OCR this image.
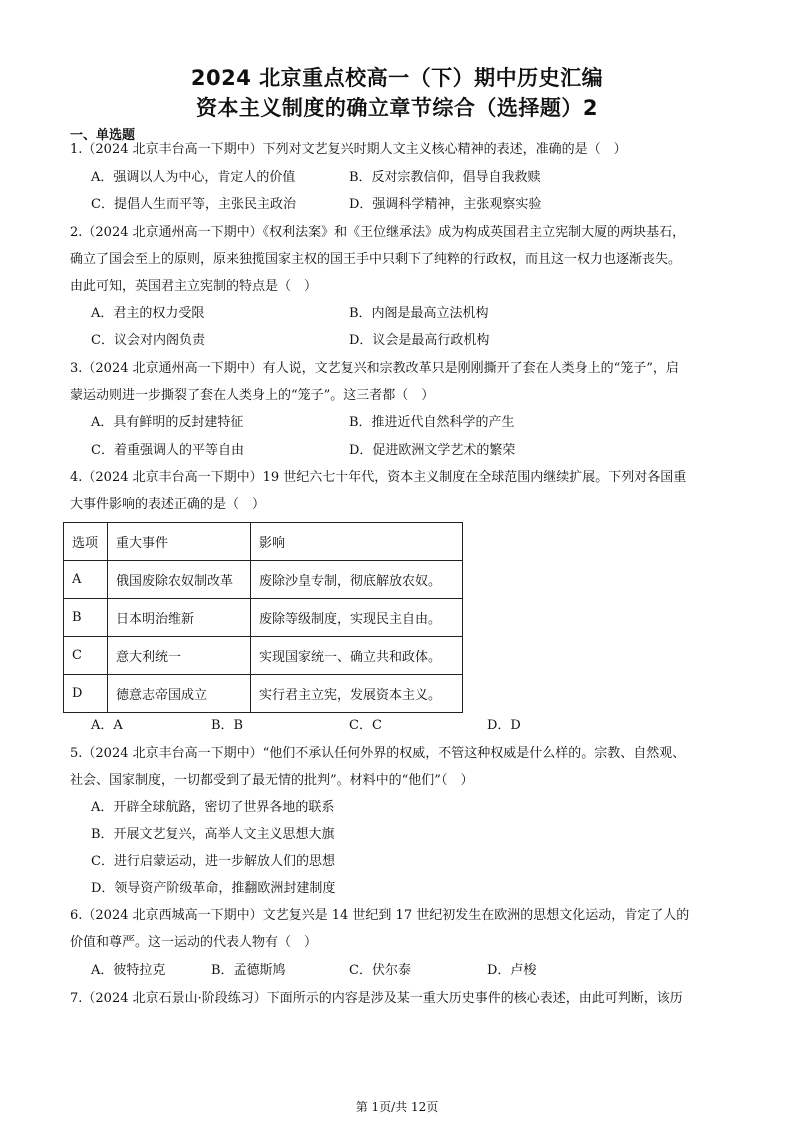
2024 北京重点校高一（下）期中历史汇编
资本主义制度的确立章节综合（选择题）2
一、单选题
1.（2024 北京丰台高一下期中）下列对文艺复兴时期人文主义核心精神的表述，准确的是（　）
A．强调以人为中心，肯定人的价值	B．反对宗教信仰，倡导自我救赎
C．提倡人生而平等，主张民主政治	D．强调科学精神，主张观察实验
2.（2024 北京通州高一下期中）《权利法案》和《王位继承法》成为构成英国君主立宪制大厦的两块基石，
确立了国会至上的原则，原来独揽国家主权的国王手中只剩下了纯粹的行政权，而且这一权力也逐渐丧失。
由此可知，英国君主立宪制的特点是（　）
A．君主的权力受限	B．内阁是最高立法机构
C．议会对内阁负责	D．议会是最高行政机构
3.（2024 北京通州高一下期中）有人说，文艺复兴和宗教改革只是刚刚撕开了套在人类身上的“笼子”，启
蒙运动则进一步撕裂了套在人类身上的“笼子”。这三者都（　）
A．具有鲜明的反封建特征	B．推进近代自然科学的产生
C．着重强调人的平等自由	D．促进欧洲文学艺术的繁荣
4.（2024 北京丰台高一下期中）19 世纪六七十年代，资本主义制度在全球范围内继续扩展。下列对各国重
大事件影响的表述正确的是（　）
选项	重大事件	影响
A	俄国废除农奴制改革	废除沙皇专制，彻底解放农奴。
B	日本明治维新	废除等级制度，实现民主自由。
C	意大利统一	实现国家统一、确立共和政体。
D	德意志帝国成立	实行君主立宪，发展资本主义。
A．A	B．B	C．C	D．D
5.（2024 北京丰台高一下期中）“他们不承认任何外界的权威，不管这种权威是什么样的。宗教、自然观、
社会、国家制度，一切都受到了最无情的批判”。材料中的“他们”（　）
A．开辟全球航路，密切了世界各地的联系
B．开展文艺复兴，高举人文主义思想大旗
C．进行启蒙运动，进一步解放人们的思想
D．领导资产阶级革命，推翻欧洲封建制度
6.（2024 北京西城高一下期中）文艺复兴是 14 世纪到 17 世纪初发生在欧洲的思想文化运动，肯定了人的
价值和尊严。这一运动的代表人物有（　）
A．彼特拉克	B．孟德斯鸠	C．伏尔泰	D．卢梭
7.（2024 北京石景山·阶段练习）下面所示的内容是涉及某一重大历史事件的核心表述，由此可判断，该历
第 1页/共 12页
